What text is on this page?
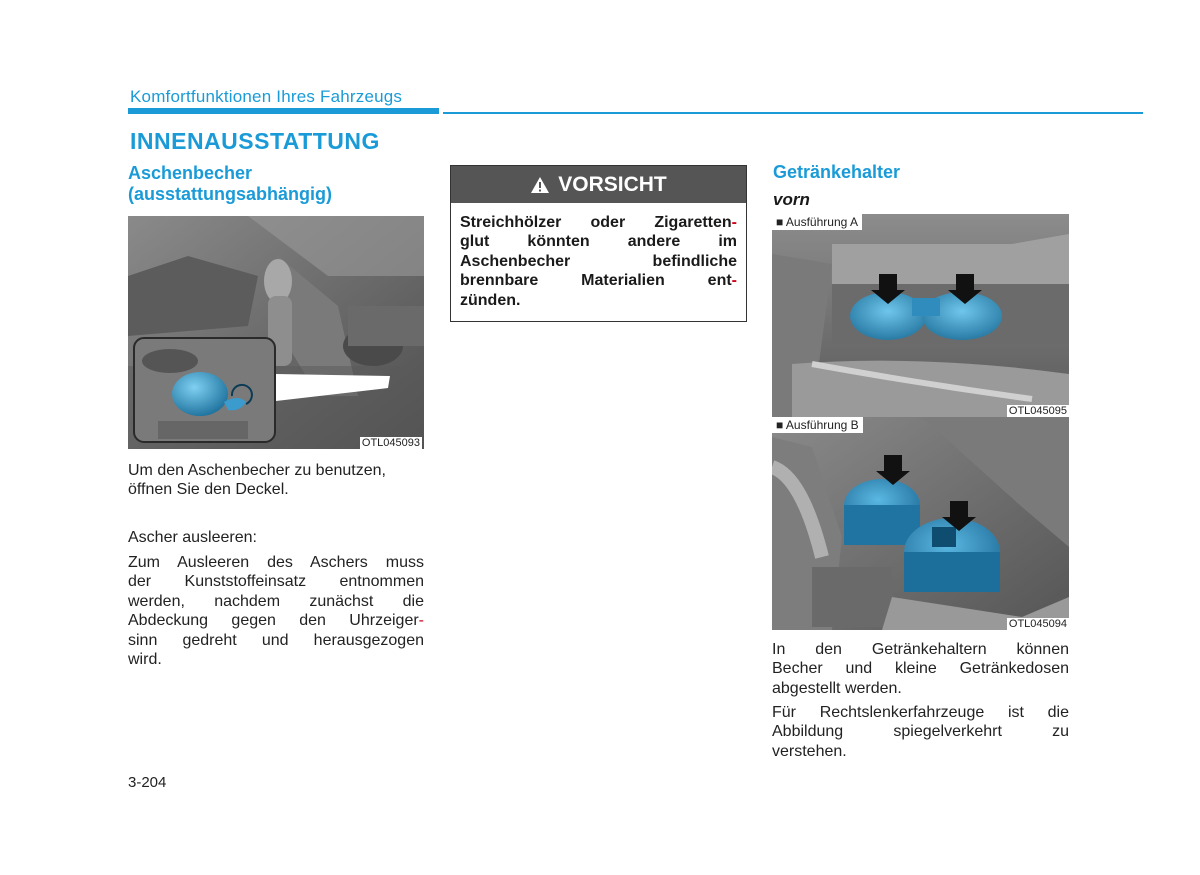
Komfortfunktionen Ihres Fahrzeugs
INNENAUSSTATTUNG
Aschenbecher
(ausstattungsabhängig)
OTL045093
Um den Aschenbecher zu benutzen,
öffnen Sie den Deckel.
Ascher ausleeren:
Zum Ausleeren des Aschers muss
der Kunststoffeinsatz entnommen
werden, nachdem zunächst die
Abdeckung gegen den Uhrzeiger-
sinn gedreht und herausgezogen
wird.
VORSICHT
Streichhölzer oder Zigaretten-
glut könnten andere im
Aschenbecher befindliche
brennbare Materialien ent-
zünden.
Getränkehalter
vorn
■ Ausführung A
OTL045095
■ Ausführung B
OTL045094
In den Getränkehaltern können
Becher und kleine Getränkedosen
abgestellt werden.
Für Rechtslenkerfahrzeuge ist die
Abbildung spiegelverkehrt zu
verstehen.
3-204
